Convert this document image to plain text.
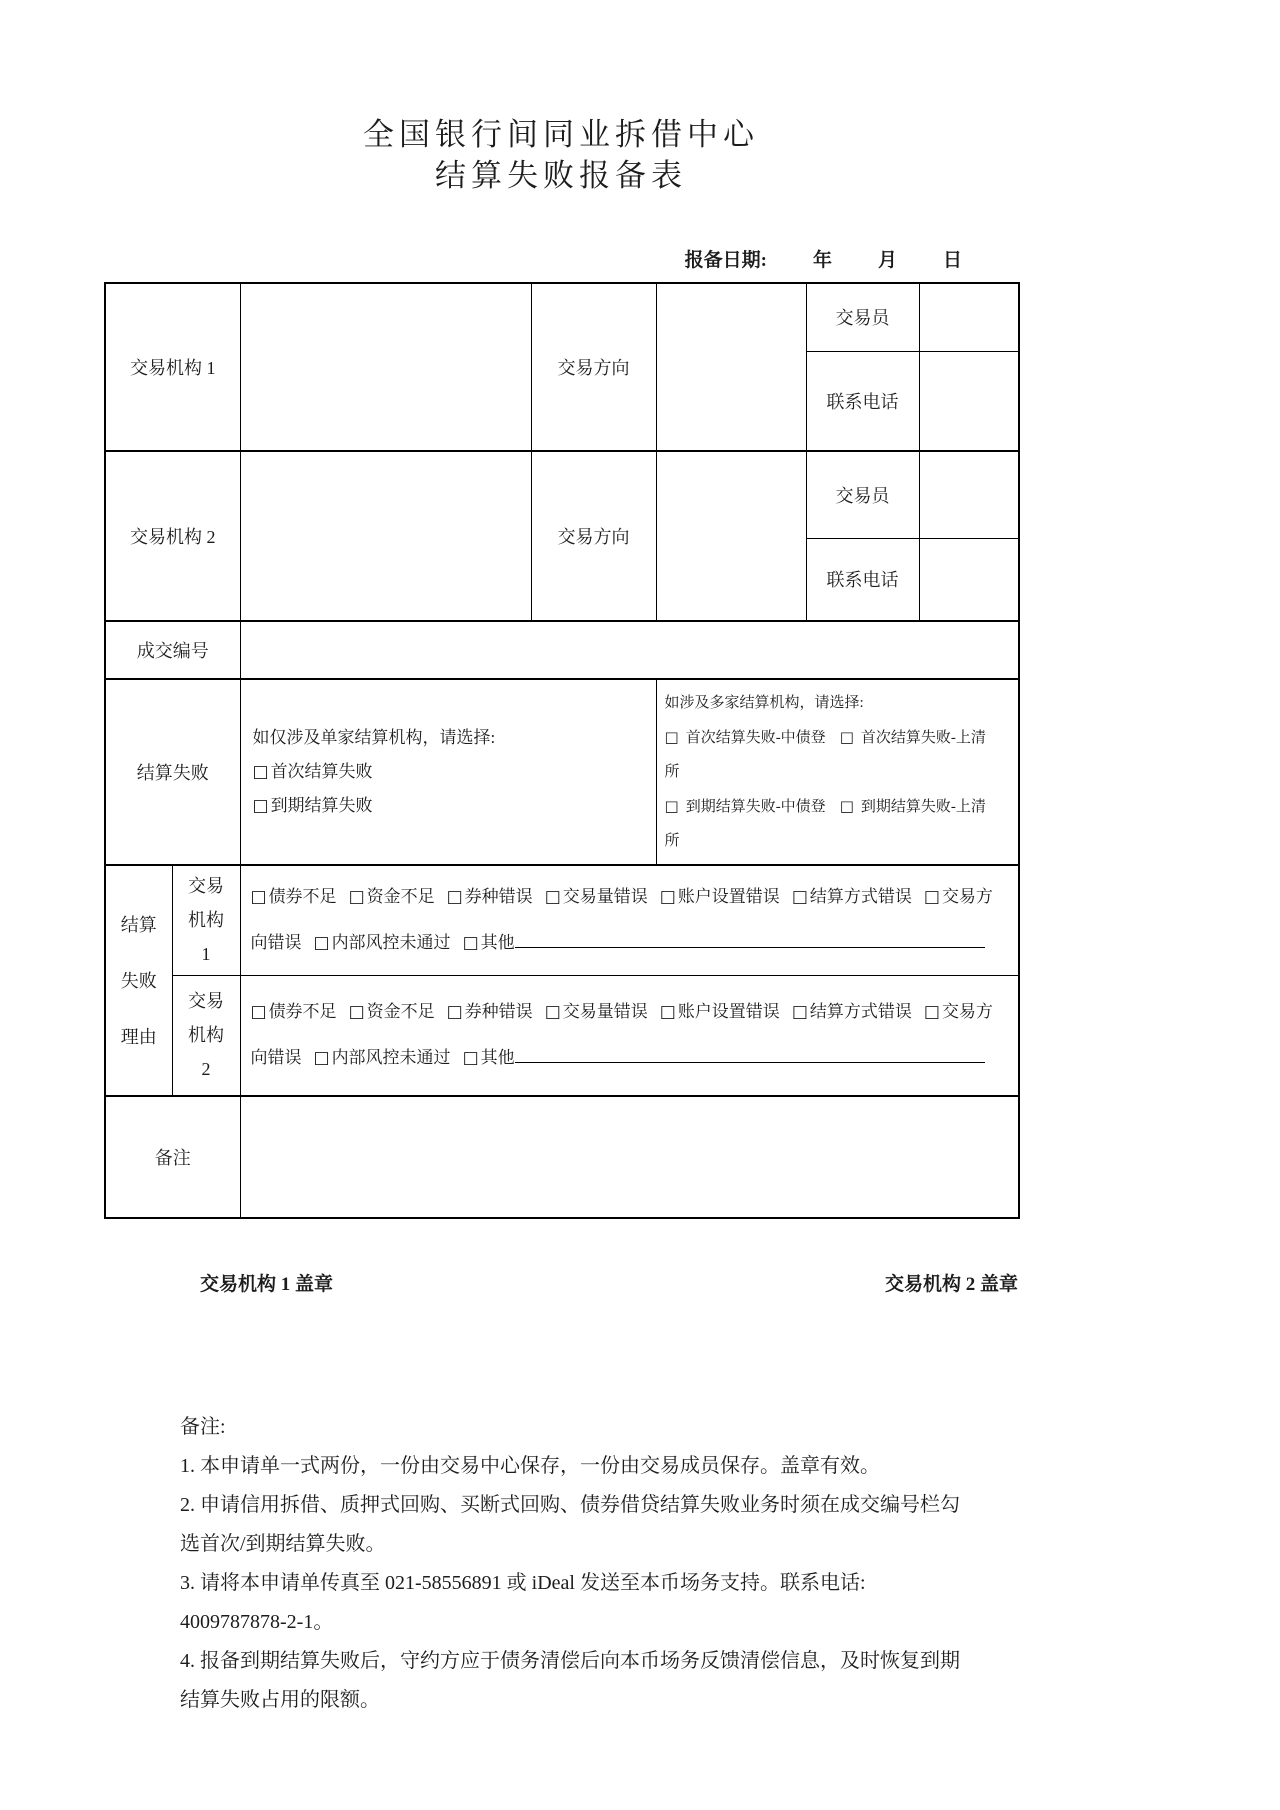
全国银行间同业拆借中心
结算失败报备表
报备日期: 年 月 日
交易机构 1			交易方向		交易员	
					联系电话	
交易机构 2			交易方向		交易员	
					联系电话	
成交编号						
结算失败	
如仅涉及单家结算机构，请选择:
□ 首次结算失败
□ 到期结算失败

如涉及多家结算机构，请选择:
□ 首次结算失败-中债登 □ 首次结算失败-上清所
□ 到期结算失败-中债登 □ 到期结算失败-上清所

结算失败理由	交易机构 1	□ 债券不足 □ 资金不足 □ 券种错误 □ 交易量错误 □ 账户设置错误 □ 结算方式错误 □ 交易方向错误 □ 内部风控未通过 □ 其他				
	交易机构 2	□ 债券不足 □ 资金不足 □ 券种错误 □ 交易量错误 □ 账户设置错误 □ 结算方式错误 □ 交易方向错误 □ 内部风控未通过 □ 其他				
备注						
交易机构 1 盖章	交易机构 2 盖章

备注:

1. 本申请单一式两份，一份由交易中心保存，一份由交易成员保存。盖章有效。

2. 申请信用拆借、质押式回购、买断式回购、债券借贷结算失败业务时须在成交编号栏勾选首次/到期结算失败。

3. 请将本申请单传真至 021-58556891 或 iDeal 发送至本币场务支持。联系电话: 4009787878-2-1。

4. 报备到期结算失败后，守约方应于债务清偿后向本币场务反馈清偿信息，及时恢复到期结算失败占用的限额。
